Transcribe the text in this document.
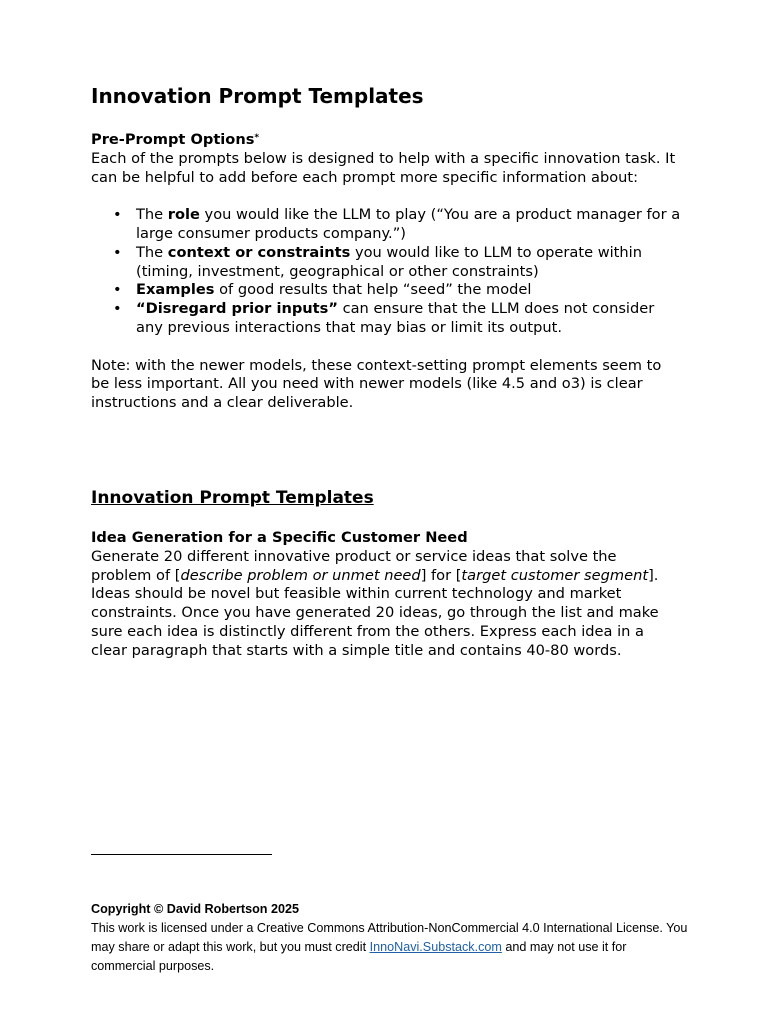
Innovation Prompt Templates
Pre-Prompt Options*

Each of the prompts below is designed to help with a specific innovation task. It can be helpful to add before each prompt more specific information about:

• The role you would like the LLM to play (“You are a product manager for a large consumer products company.”)
• The context or constraints you would like to LLM to operate within (timing, investment, geographical or other constraints)
• Examples of good results that help “seed” the model
• “Disregard prior inputs” can ensure that the LLM does not consider any previous interactions that may bias or limit its output.

Note: with the newer models, these context-setting prompt elements seem to be less important. All you need with newer models (like 4.5 and o3) is clear instructions and a clear deliverable.

Innovation Prompt Templates
Idea Generation for a Specific Customer Need

Generate 20 different innovative product or service ideas that solve the problem of [describe problem or unmet need] for [target customer segment]. Ideas should be novel but feasible within current technology and market constraints. Once you have generated 20 ideas, go through the list and make sure each idea is distinctly different from the others. Express each idea in a clear paragraph that starts with a simple title and contains 40-80 words.

Copyright © David Robertson 2025
This work is licensed under a Creative Commons Attribution-NonCommercial 4.0 International License. You may share or adapt this work, but you must credit InnoNavi.Substack.com and may not use it for commercial purposes.
